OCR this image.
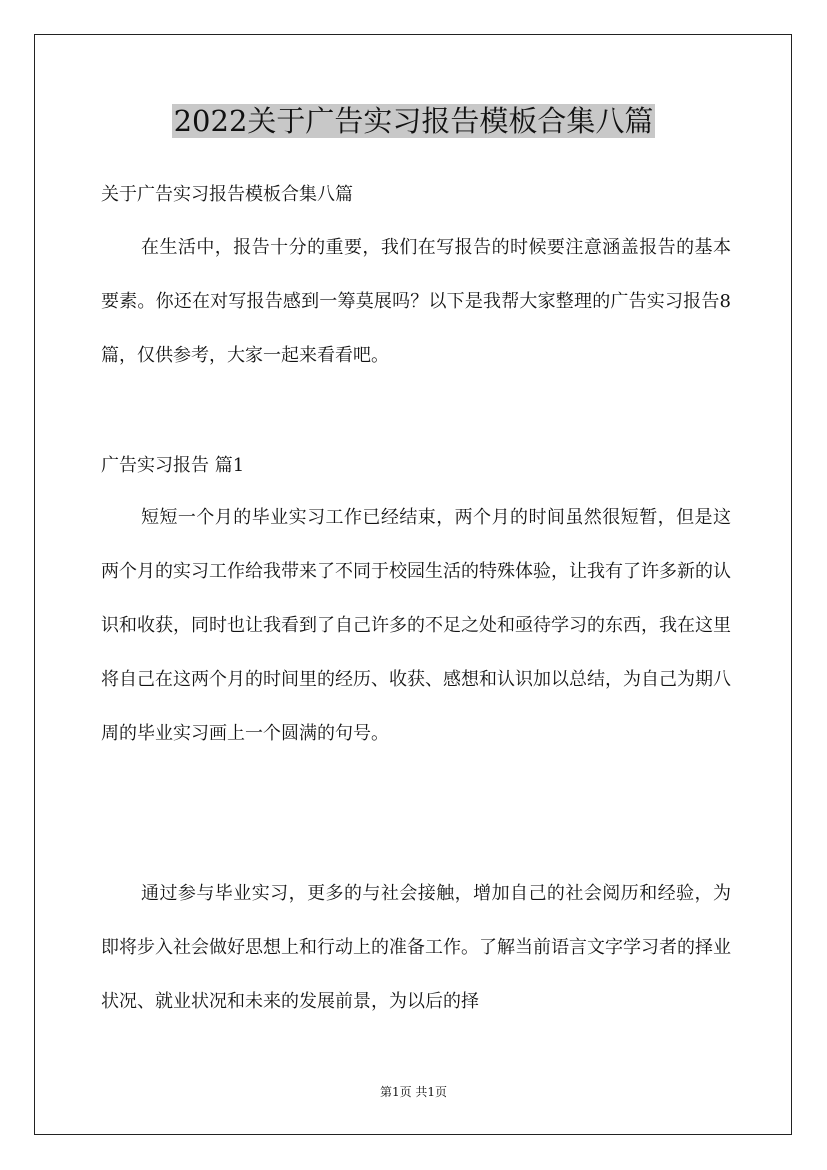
2022关于广告实习报告模板合集八篇
关于广告实习报告模板合集八篇
在生活中，报告十分的重要，我们在写报告的时候要注意涵盖报告的基本要素。你还在对写报告感到一筹莫展吗？以下是我帮大家整理的广告实习报告8篇，仅供参考，大家一起来看看吧。
广告实习报告 篇1
短短一个月的毕业实习工作已经结束，两个月的时间虽然很短暂，但是这两个月的实习工作给我带来了不同于校园生活的特殊体验，让我有了许多新的认识和收获，同时也让我看到了自己许多的不足之处和亟待学习的东西，我在这里将自己在这两个月的时间里的经历、收获、感想和认识加以总结，为自己为期八周的毕业实习画上一个圆满的句号。
通过参与毕业实习，更多的与社会接触，增加自己的社会阅历和经验，为即将步入社会做好思想上和行动上的准备工作。了解当前语言文字学习者的择业状况、就业状况和未来的发展前景，为以后的择
第1页 共1页
